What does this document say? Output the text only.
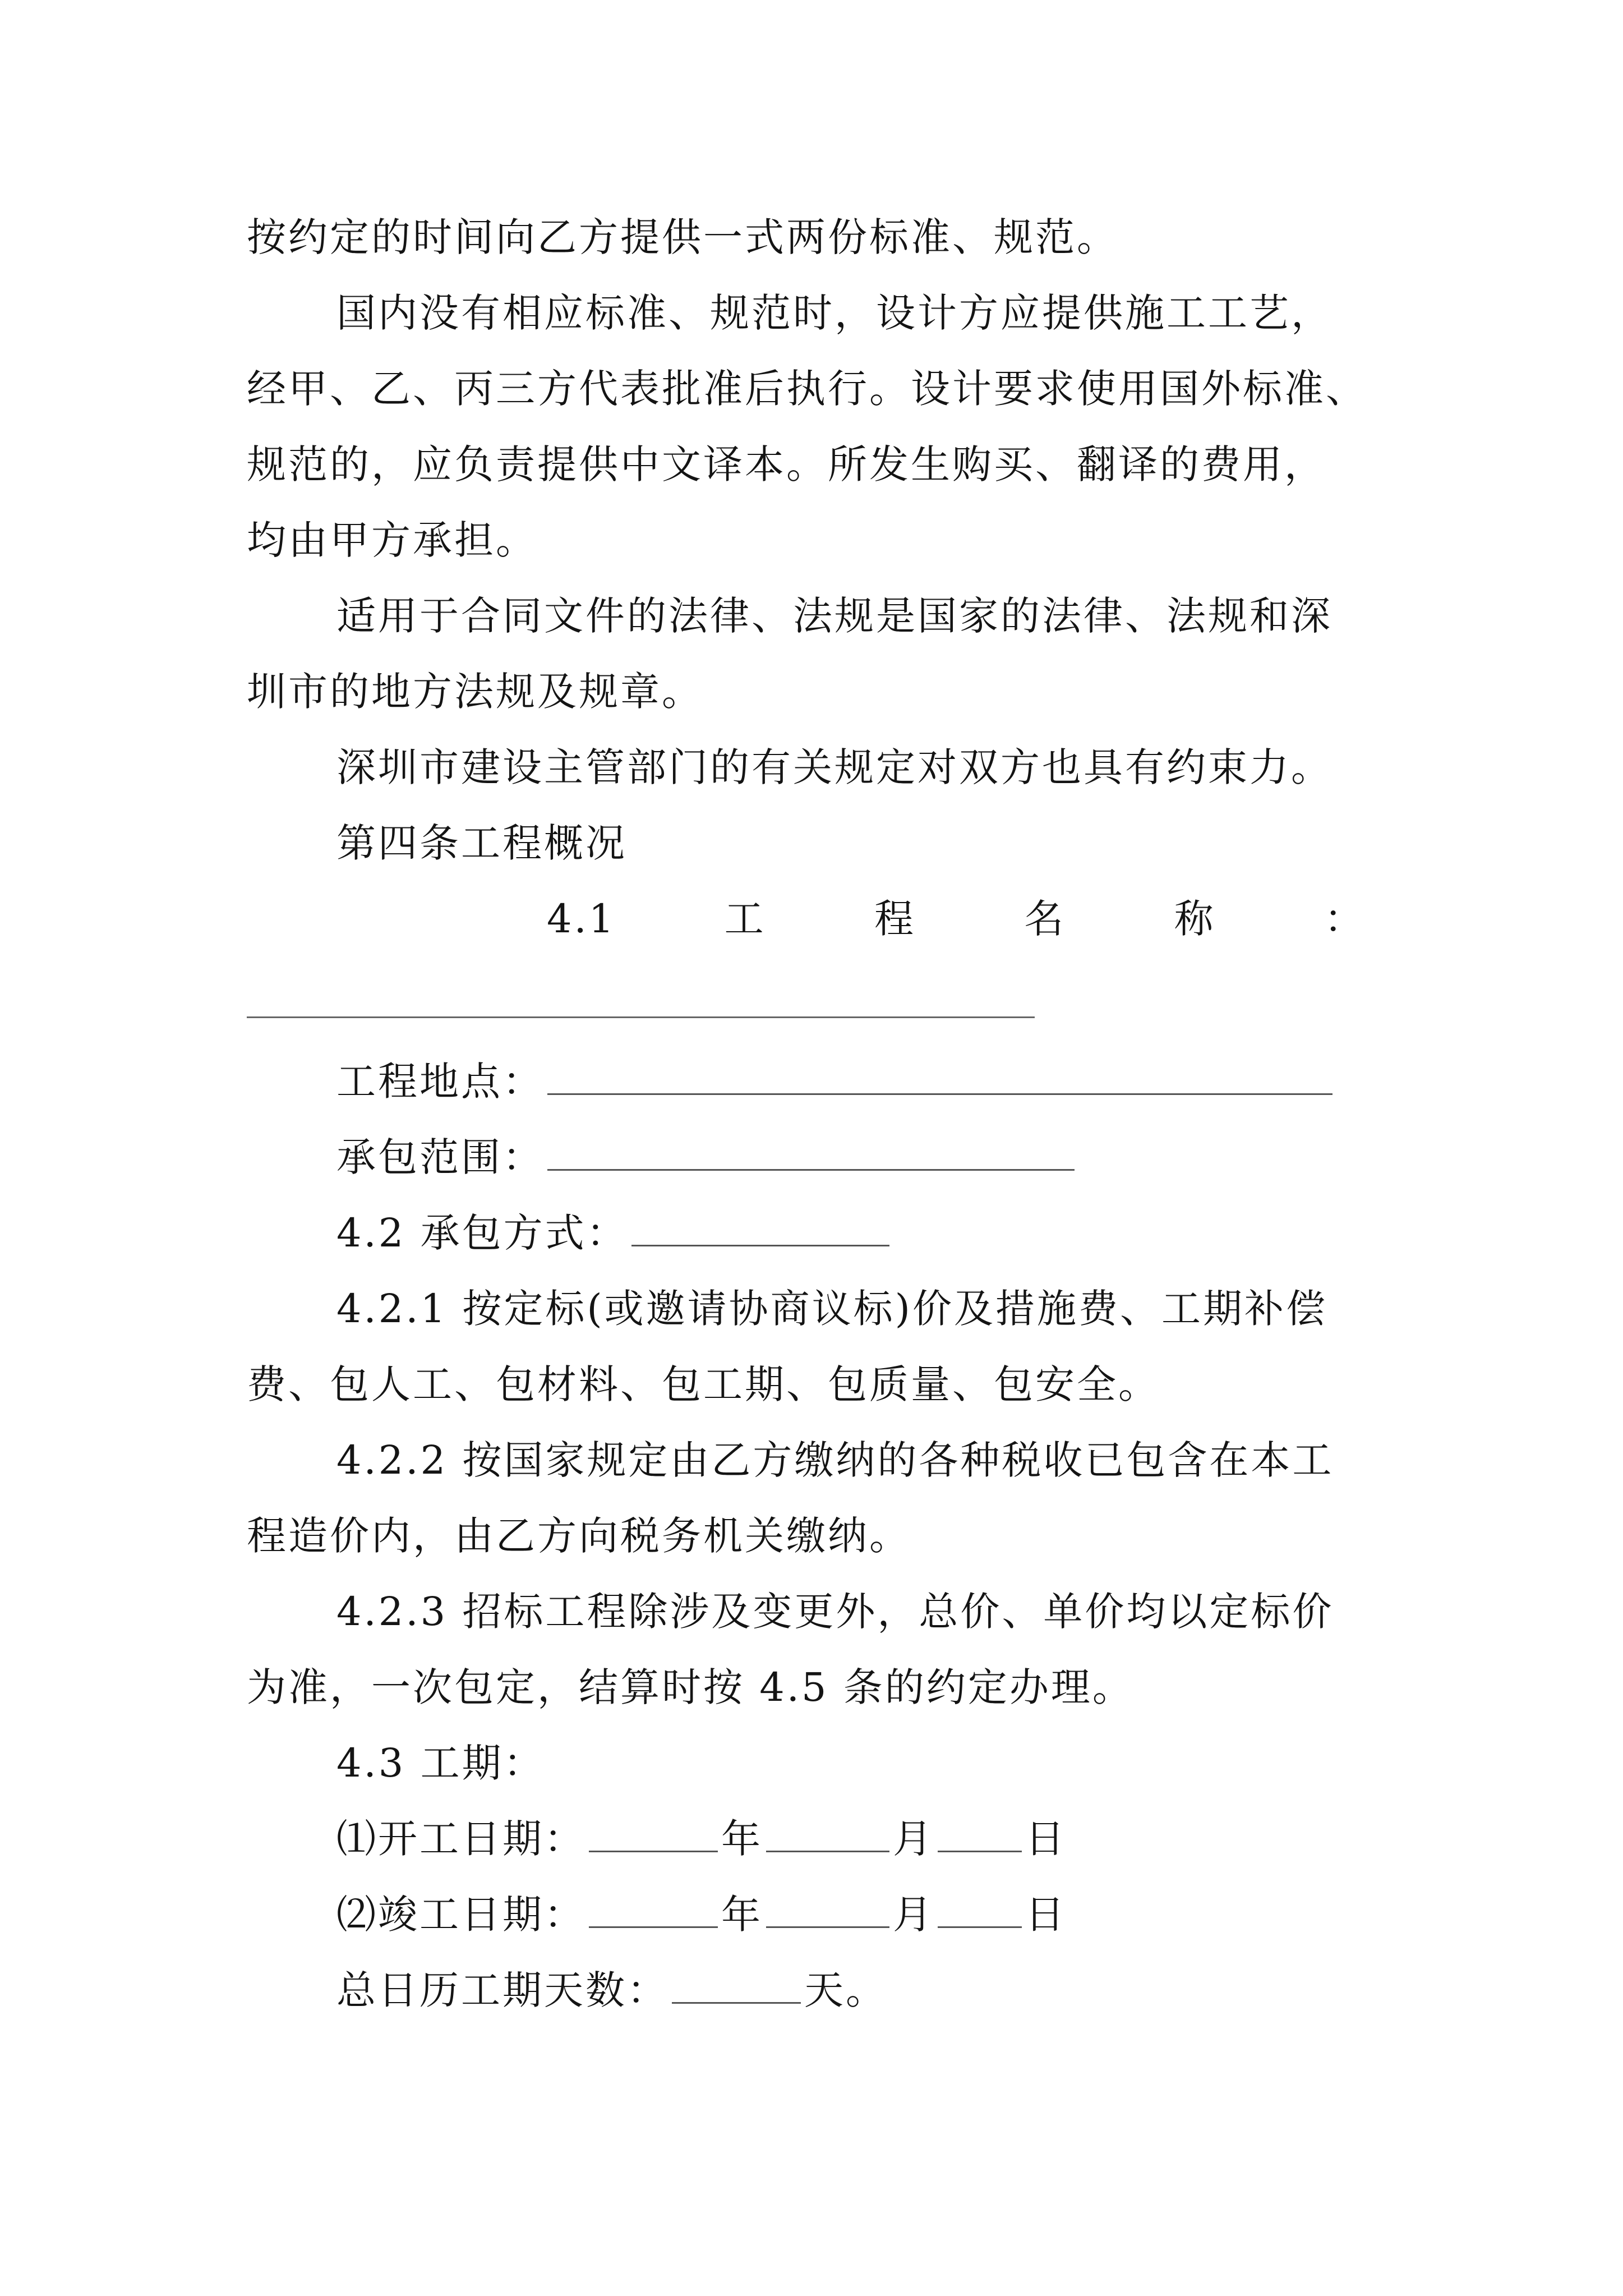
按约定的时间向乙方提供一式两份标准、规范。
国内没有相应标准、规范时，设计方应提供施工工艺，
经甲、乙、丙三方代表批准后执行。设计要求使用国外标准、
规范的，应负责提供中文译本。所发生购买、翻译的费用，
均由甲方承担。
适用于合同文件的法律、法规是国家的法律、法规和深
圳市的地方法规及规章。
深圳市建设主管部门的有关规定对双方也具有约束力。
第四条工程概况
4.1	工	程	名	称	：
工程地点：
承包范围：
4.2 承包方式：
4.2.1 按定标(或邀请协商议标)价及措施费、工期补偿
费、包人工、包材料、包工期、包质量、包安全。
4.2.2 按国家规定由乙方缴纳的各种税收已包含在本工
程造价内，由乙方向税务机关缴纳。
4.2.3 招标工程除涉及变更外，总价、单价均以定标价
为准，一次包定，结算时按 4.5 条的约定办理。
4.3 工期：
⑴开工日期：	年	月 日
⑵竣工日期：	年	月 日
总日历工期天数：	天。
